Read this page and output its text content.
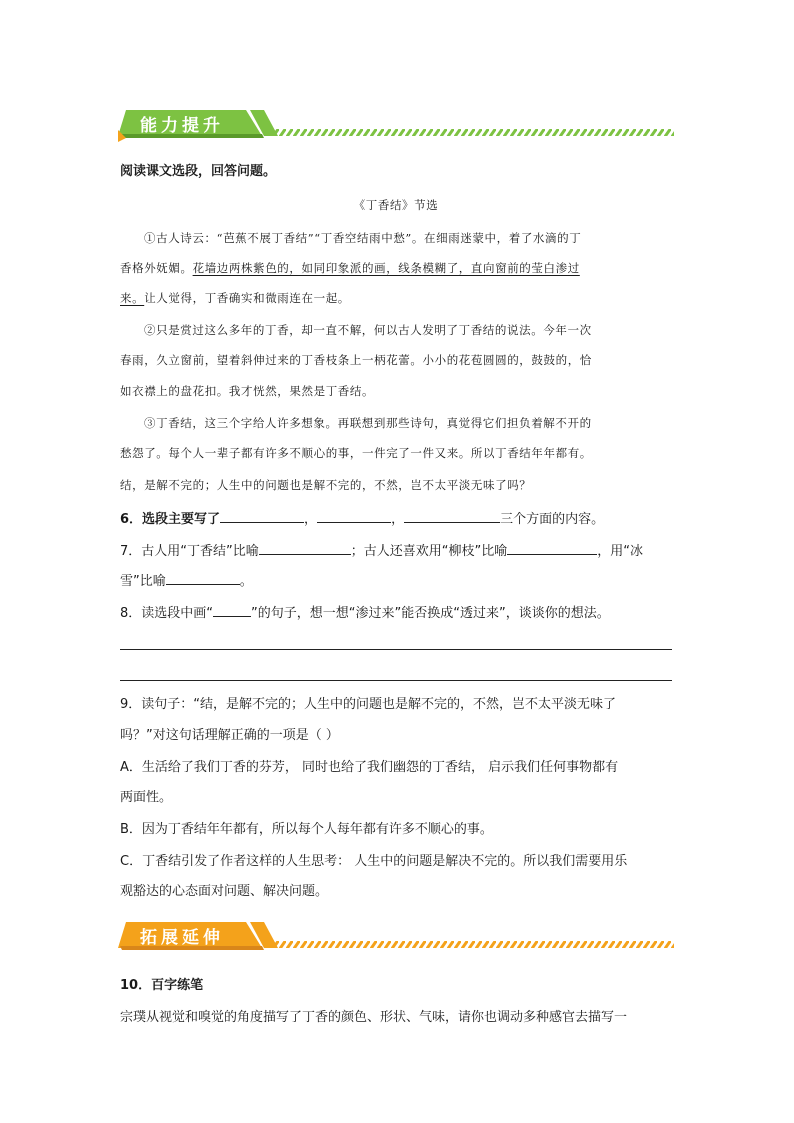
能力提升
阅读课文选段，回答问题。
《丁香结》节选
①古人诗云：“芭蕉不展丁香结”“丁香空结雨中愁”。在细雨迷蒙中，着了水滴的丁
香格外妩媚。花墙边两株紫色的，如同印象派的画，线条模糊了，直向窗前的莹白渗过
来。让人觉得，丁香确实和微雨连在一起。
②只是赏过这么多年的丁香，却一直不解，何以古人发明了丁香结的说法。今年一次
春雨，久立窗前，望着斜伸过来的丁香枝条上一柄花蕾。小小的花苞圆圆的，鼓鼓的，恰
如衣襟上的盘花扣。我才恍然，果然是丁香结。
③丁香结，这三个字给人许多想象。再联想到那些诗句，真觉得它们担负着解不开的
愁怨了。每个人一辈子都有许多不顺心的事，一件完了一件又来。所以丁香结年年都有。
结，是解不完的；人生中的问题也是解不完的，不然，岂不太平淡无味了吗？
6．选段主要写了	，	，	三个方面的内容。
7．古人用“丁香结”比喻	；古人还喜欢用“柳枝”比喻	，用“冰
雪”比喻	。
8．读选段中画“	”的句子，想一想“渗过来”能否换成“透过来”，谈谈你的想法。
9．读句子：“结，是解不完的；人生中的问题也是解不完的，不然，岂不太平淡无味了
吗？”对这句话理解正确的一项是（ ）
A．生活给了我们丁香的芬芳， 同时也给了我们幽怨的丁香结， 启示我们任何事物都有
两面性。
B．因为丁香结年年都有，所以每个人每年都有许多不顺心的事。
C．丁香结引发了作者这样的人生思考： 人生中的问题是解决不完的。所以我们需要用乐
观豁达的心态面对问题、解决问题。
拓展延伸
10．百字练笔
宗璞从视觉和嗅觉的角度描写了丁香的颜色、形状、气味，请你也调动多种感官去描写一
